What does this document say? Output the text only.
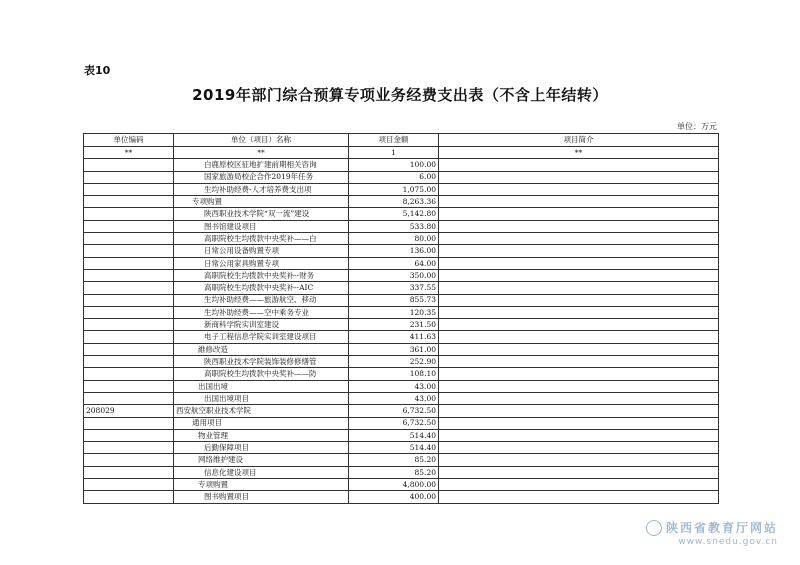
表10
2019年部门综合预算专项业务经费支出表（不含上年结转）
单位：万元
单位编码	单位（项目）名称	项目金额	项目简介
**	**	1	**
	白鹿原校区征地扩建前期相关咨询	100.00	
	国家旅游局校企合作2019年任务	6.00	
	生均补助经费-人才培养费支出项	1,075.00	
	专项购置	8,263.36	
	陕西职业技术学院“双一流”建设	5,142.80	
	图书馆建设项目	533.80	
	高职院校生均拨款中央奖补——白	80.00	
	日常公用设备购置专项	136.00	
	日常公用家具购置专项	64.00	
	高职院校生均拨款中央奖补--财务	350.00	
	高职院校生均拨款中央奖补--AIC	337.55	
	生均补助经费——旅游航空、移动	855.73	
	生均补助经费——空中乘务专业	120.35	
	新商科学院实训室建设	231.50	
	电子工程信息学院实训室建设项目	411.63	
	維修改造	361.00	
	陕西职业技术学院装饰装修修缮管	252.90	
	高职院校生均拨款中央奖补——防	108.10	
	出国出境	43.00	
	出国出境项目	43.00	
208029	西安航空职业技术学院	6,732.50	
	通用项目	6,732.50	
	物业管理	514.40	
	后勤保障项目	514.40	
	网络维护建设	85.20	
	信息化建设项目	85.20	
	专项购置	4,800.00	
	图书购置项目	400.00	
陕西省教育厅网站
www.snedu.gov.cn
